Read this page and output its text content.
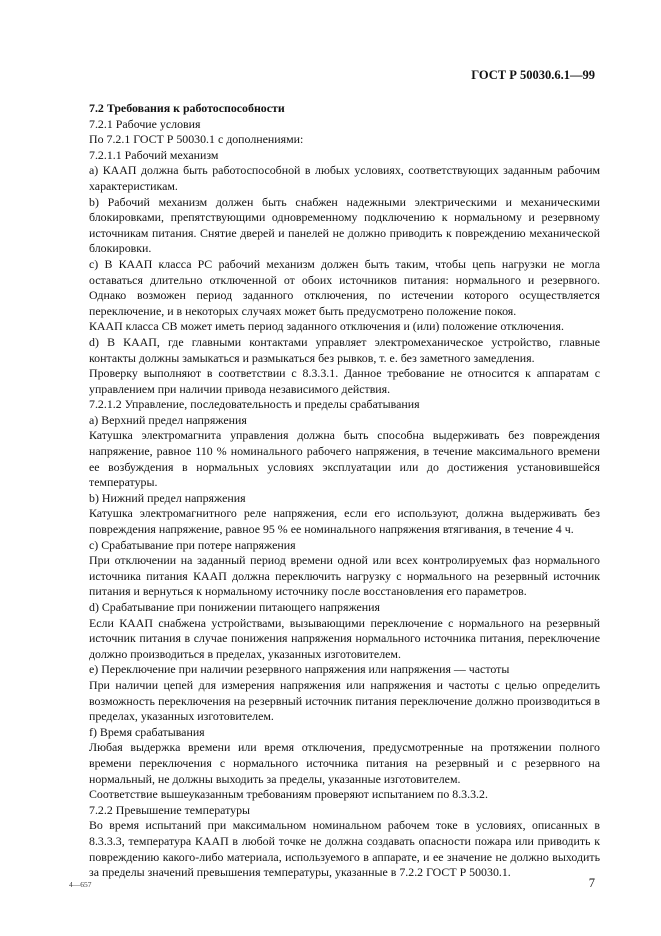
ГОСТ Р 50030.6.1—99

7.2 Требования к работоспособности

7.2.1 Рабочие условия

По 7.2.1 ГОСТ Р 50030.1 с дополнениями:

7.2.1.1 Рабочий механизм

a) КААП должна быть работоспособной в любых условиях, соответствующих заданным рабочим характеристикам.

b) Рабочий механизм должен быть снабжен надежными электрическими и механическими блокировками, препятствующими одновременному подключению к нормальному и резервному источникам питания. Снятие дверей и панелей не должно приводить к повреждению механической блокировки.

c) В КААП класса PC рабочий механизм должен быть таким, чтобы цепь нагрузки не могла оставаться длительно отключенной от обоих источников питания: нормального и резервного. Однако возможен период заданного отключения, по истечении которого осуществляется переключение, и в некоторых случаях может быть предусмотрено положение покоя.

КААП класса СВ может иметь период заданного отключения и (или) положение отключения.

d) В КААП, где главными контактами управляет электромеханическое устройство, главные контакты должны замыкаться и размыкаться без рывков, т. е. без заметного замедления.

Проверку выполняют в соответствии с 8.3.3.1. Данное требование не относится к аппаратам с управлением при наличии привода независимого действия.

7.2.1.2 Управление, последовательность и пределы срабатывания

a) Верхний предел напряжения

Катушка электромагнита управления должна быть способна выдерживать без повреждения напряжение, равное 110 % номинального рабочего напряжения, в течение максимального времени ее возбуждения в нормальных условиях эксплуатации или до достижения установившейся температуры.

b) Нижний предел напряжения

Катушка электромагнитного реле напряжения, если его используют, должна выдерживать без повреждения напряжение, равное 95 % ее номинального напряжения втягивания, в течение 4 ч.

c) Срабатывание при потере напряжения

При отключении на заданный период времени одной или всех контролируемых фаз нормального источника питания КААП должна переключить нагрузку с нормального на резервный источник питания и вернуться к нормальному источнику после восстановления его параметров.

d) Срабатывание при понижении питающего напряжения

Если КААП снабжена устройствами, вызывающими переключение с нормального на резервный источник питания в случае понижения напряжения нормального источника питания, переключение должно производиться в пределах, указанных изготовителем.

e) Переключение при наличии резервного напряжения или напряжения — частоты

При наличии цепей для измерения напряжения или напряжения и частоты с целью определить возможность переключения на резервный источник питания переключение должно производиться в пределах, указанных изготовителем.

f) Время срабатывания

Любая выдержка времени или время отключения, предусмотренные на протяжении полного времени переключения с нормального источника питания на резервный и с резервного на нормальный, не должны выходить за пределы, указанные изготовителем.

Соответствие вышеуказанным требованиям проверяют испытанием по 8.3.3.2.

7.2.2 Превышение температуры

Во время испытаний при максимальном номинальном рабочем токе в условиях, описанных в 8.3.3.3, температура КААП в любой точке не должна создавать опасности пожара или приводить к повреждению какого-либо материала, используемого в аппарате, и ее значение не должно выходить за пределы значений превышения температуры, указанные в 7.2.2 ГОСТ Р 50030.1.

4—657	7
